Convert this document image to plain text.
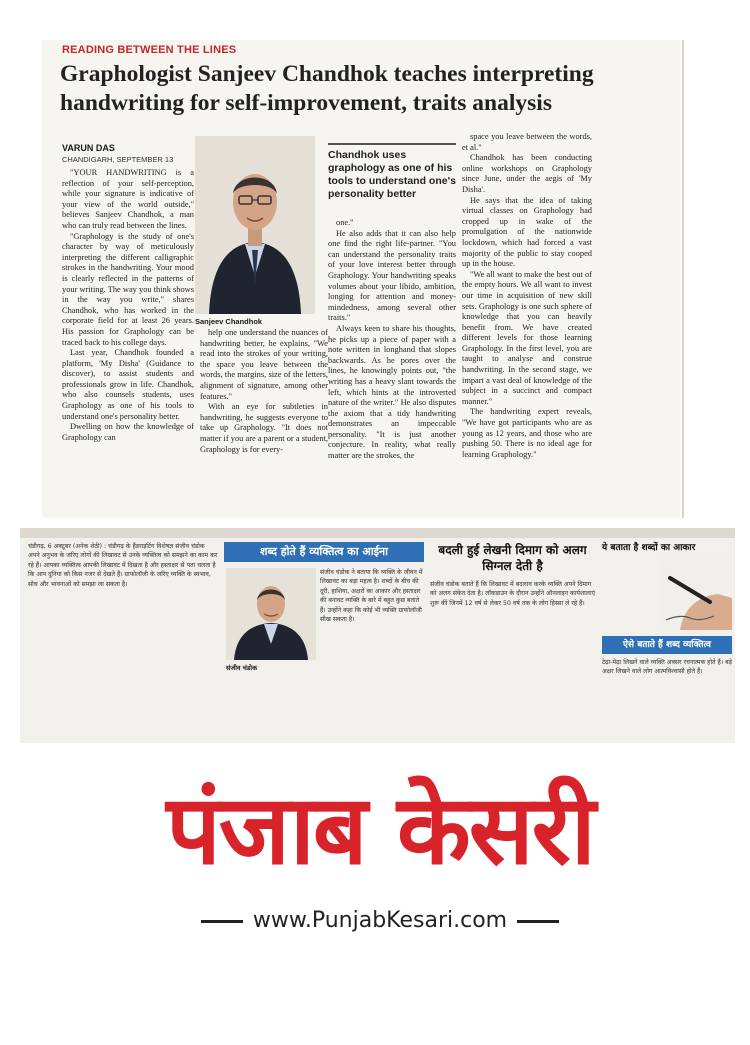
READING BETWEEN THE LINES
Graphologist Sanjeev Chandhok teaches interpreting handwriting for self-improvement, traits analysis
VARUN DAS
CHANDIGARH, SEPTEMBER 13

"YOUR HANDWRITING is a reflection of your self-perception, while your signature is indicative of your view of the world outside," believes Sanjeev Chandhok, a man who can truly read between the lines.

"Graphology is the study of one's character by way of meticulously interpreting the different calligraphic strokes in the handwriting. Your mood is clearly reflected in the patterns of your writing. The way you think shows in the way you write," shares Chandhok, who has worked in the corporate field for at least 26 years. His passion for Graphology can be traced back to his college days.

Last year, Chandhok founded a platform, 'My Disha' (Guidance to discover), to assist students and professionals grow in life. Chandhok, who also counsels students, uses Graphology as one of his tools to understand one's personality better.

Dwelling on how the knowledge of Graphology can

Sanjeev Chandhok

help one understand the nuances of handwriting better, he explains, "We read into the strokes of your writing, the space you leave between the words, the margins, size of the letters, alignment of signature, among other features."

With an eye for subtleties in handwriting, he suggests everyone to take up Graphology. "It does not matter if you are a parent or a student, Graphology is for every-

Chandhok uses graphology as one of his tools to understand one's personality better

one."

He also adds that it can also help one find the right life-partner. "You can understand the personality traits of your love interest better through Graphology. Your handwriting speaks volumes about your libido, ambition, longing for attention and money-mindedness, among several other traits."

Always keen to share his thoughts, he picks up a piece of paper with a note written in longhand that slopes backwards. As he pores over the lines, he knowingly points out, "the writing has a heavy slant towards the left, which hints at the introverted nature of the writer." He also disputes the axiom that a tidy handwriting demonstrates an impeccable personality. "It is just another conjecture. In reality, what really matter are the strokes, the

space you leave between the words, et al."

Chandhok has been conducting online workshops on Graphology since June, under the aegis of 'My Disha'.

He says that the idea of taking virtual classes on Graphology had cropped up in wake of the promulgation of the nationwide lockdown, which had forced a vast majority of the public to stay cooped up in the house.

"We all want to make the best out of the empty hours. We all want to invest our time in acquisition of new skill sets. Graphology is one such sphere of knowledge that you can heavily benefit from. We have created different levels for those learning Graphology. In the first level, you are taught to analyse and construe handwriting. In the second stage, we impart a vast deal of knowledge of the subject in a succinct and compact manner."

The handwriting expert reveals, "We have got participants who are as young as 12 years, and those who are pushing 50. There is no ideal age for learning Graphology."

चंडीगढ़, 6 अक्टूबर (अनेक शेठी) : चंडीगढ़ के हैंडराइटिंग विशेषज्ञ संजीव चंडोक अपने अनुभव के जरिए लोगों की लिखावट से उनके व्यक्तित्व को समझने का काम कर रहे हैं। आपका व्यक्तित्व आपकी लिखावट में दिखता है और हस्ताक्षर से पता चलता है कि आप दुनिया को किस नजर से देखते हैं। ग्राफोलॉजी के जरिए व्यक्ति के स्वभाव, सोच और भावनाओं को समझा जा सकता है।
शब्द होते हैं व्यक्तित्व का आईना
संजीव चंडोक
संजीव चंडोक ने बताया कि व्यक्ति के जीवन में लिखावट का बड़ा महत्व है। शब्दों के बीच की दूरी, हाशिया, अक्षरों का आकार और हस्ताक्षर की बनावट व्यक्ति के बारे में बहुत कुछ बताते हैं। उन्होंने कहा कि कोई भी व्यक्ति ग्राफोलॉजी सीख सकता है।
बदली हुई लेखनी दिमाग को अलग सिग्नल देती है
संजीव चंडोक बताते हैं कि लिखावट में बदलाव करके व्यक्ति अपने दिमाग को अलग संकेत देता है। लॉकडाउन के दौरान उन्होंने ऑनलाइन कार्यशालाएं शुरू कीं जिनमें 12 वर्ष से लेकर 50 वर्ष तक के लोग हिस्सा ले रहे हैं।
ये बताता है शब्दों का आकार
ऐसे बताते हैं शब्द व्यक्तित्व
टेढ़ा-मेढ़ा लिखने वाले व्यक्ति अक्सर रचनात्मक होते हैं। बड़े अक्षर लिखने वाले लोग आत्मविश्वासी होते हैं।
पंजाब केसरी
www.PunjabKesari.com
